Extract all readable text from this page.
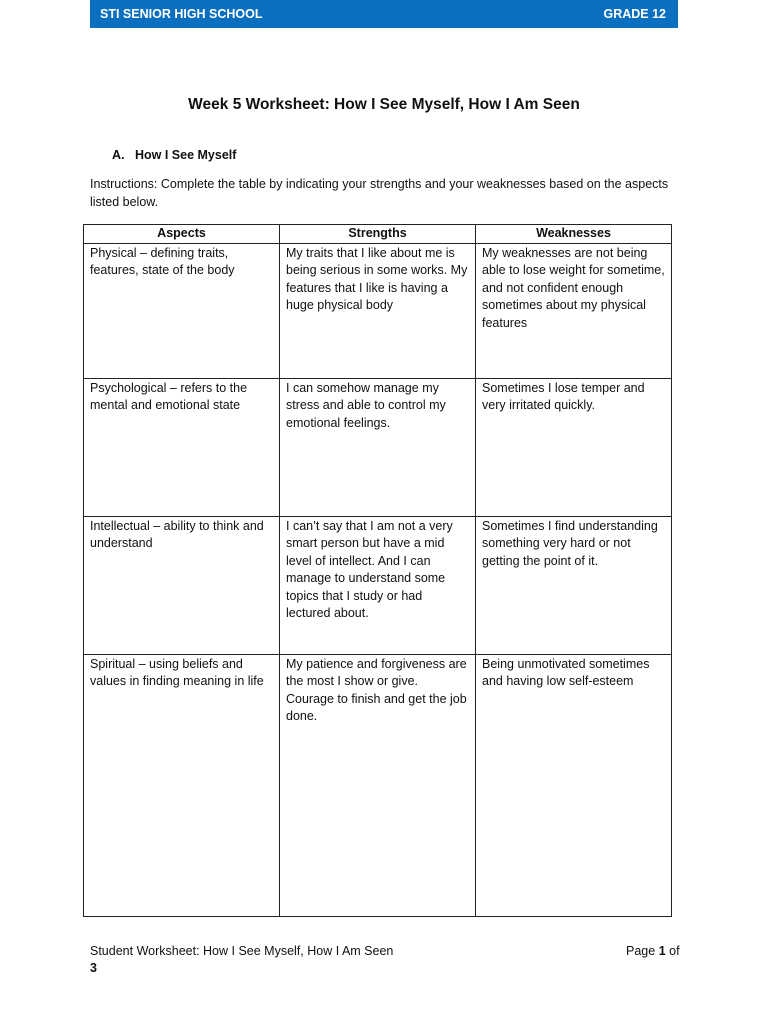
STI SENIOR HIGH SCHOOL	GRADE 12
Week 5 Worksheet: How I See Myself, How I Am Seen
A. How I See Myself
Instructions: Complete the table by indicating your strengths and your weaknesses based on the aspects listed below.
Aspects	Strengths	Weaknesses
Physical – defining traits, features, state of the body	My traits that I like about me is being serious in some works. My features that I like is having a huge physical body	My weaknesses are not being able to lose weight for sometime, and not confident enough sometimes about my physical features
Psychological – refers to the mental and emotional state	I can somehow manage my stress and able to control my emotional feelings.	Sometimes I lose temper and very irritated quickly.
Intellectual – ability to think and understand	I can’t say that I am not a very smart person but have a mid level of intellect. And I can manage to understand some topics that I study or had lectured about.	Sometimes I find understanding something very hard or not getting the point of it.
Spiritual – using beliefs and values in finding meaning in life	My patience and forgiveness are the most I show or give. Courage to finish and get the job done.	Being unmotivated sometimes and having low self-esteem
Student Worksheet: How I See Myself, How I Am Seen	Page 1 of
3
